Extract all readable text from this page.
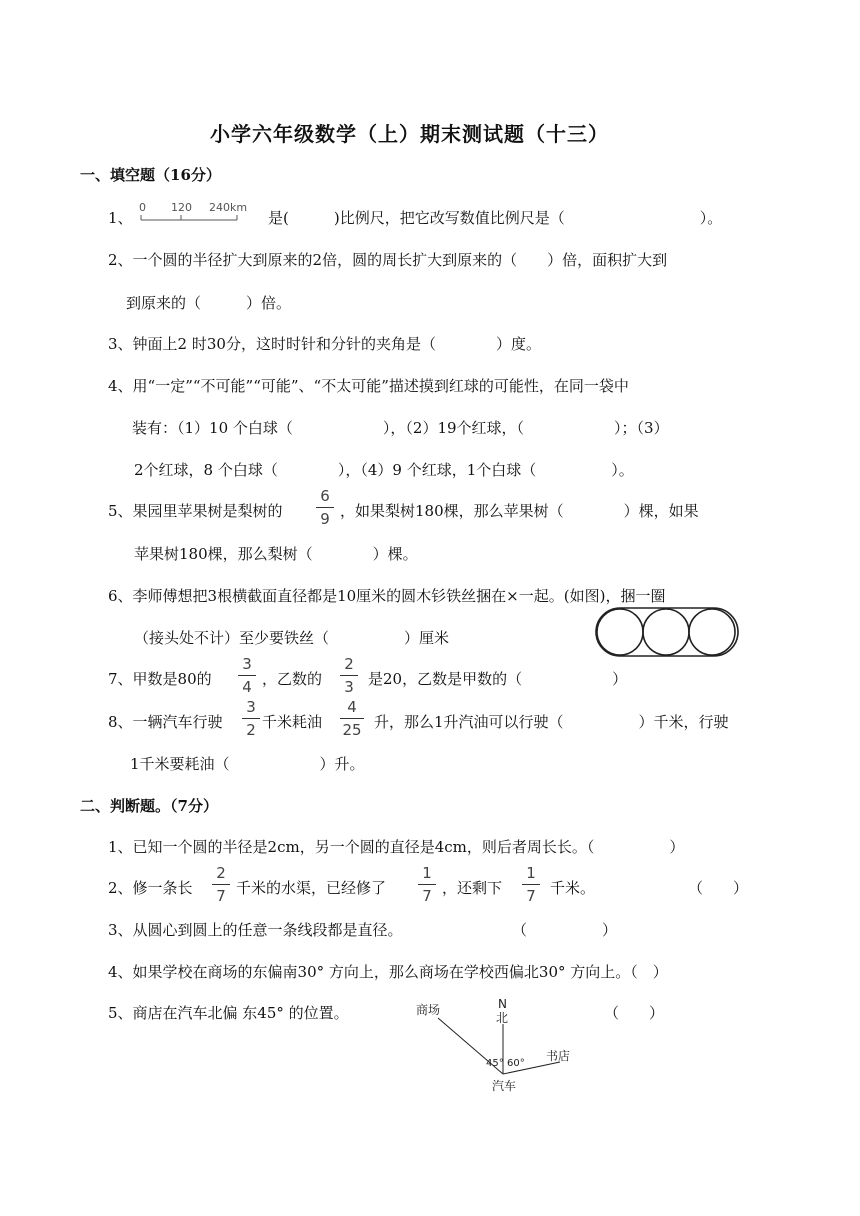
小学六年级数学（上）期末测试题（十三）
一、填空题（16分）
1、
0 120 240km
是(　　　)比例尺，把它改写数值比例尺是（　　　　　　　　　）。
2、一个圆的半径扩大到原来的2倍，圆的周长扩大到原来的（　　）倍，面积扩大到
到原来的（　　　）倍。
3、钟面上2 时30分，这时时针和分针的夹角是（　　　　）度。
4、用“一定”“不可能”“可能”、“不太可能”描述摸到红球的可能性，在同一袋中
装有：（1）10 个白球（　　　　　　），（2）19个红球，（　　　　　　）；（3）
2个红球，8 个白球（　　　　），（4）9 个红球，1个白球（　　　　　）。
5、果园里苹果树是梨树的
6
9 ，如果梨树180棵，那么苹果树（　　　　）棵，如果
苹果树180棵，那么梨树（　　　　）棵。
6、李师傅想把3根横截面直径都是10厘米的圆木钐铁丝捆在×一起。(如图)，捆一圈
（接头处不计）至少要铁丝（　　　　　）厘米
7、甲数是80的
3
4 ，乙数的
2
3 是20，乙数是甲数的（　　　　　　）
8、一辆汽车行驶
3
2 千米耗油
4
25 升，那么1升汽油可以行驶（　　　　　）千米，行驶
1千米要耗油（　　　　　　）升。
二、判断题。（7分）
1、已知一个圆的半径是2cm，另一个圆的直径是4cm，则后者周长长。（　　　　　）
2、修一条长
2
7 千米的水渠，已经修了
1
7 ，还剩下
1
7 千米。	（　　）
3、从圆心到圆上的任意一条线段都是直径。	（　　　　　）
4、如果学校在商场的东偏南30° 方向上，那么商场在学校西偏北30° 方向上。（　）
5、商店在汽车北偏 东45° 的位置。	（　　）
N
北
商场
书店
45° 60°
汽车
